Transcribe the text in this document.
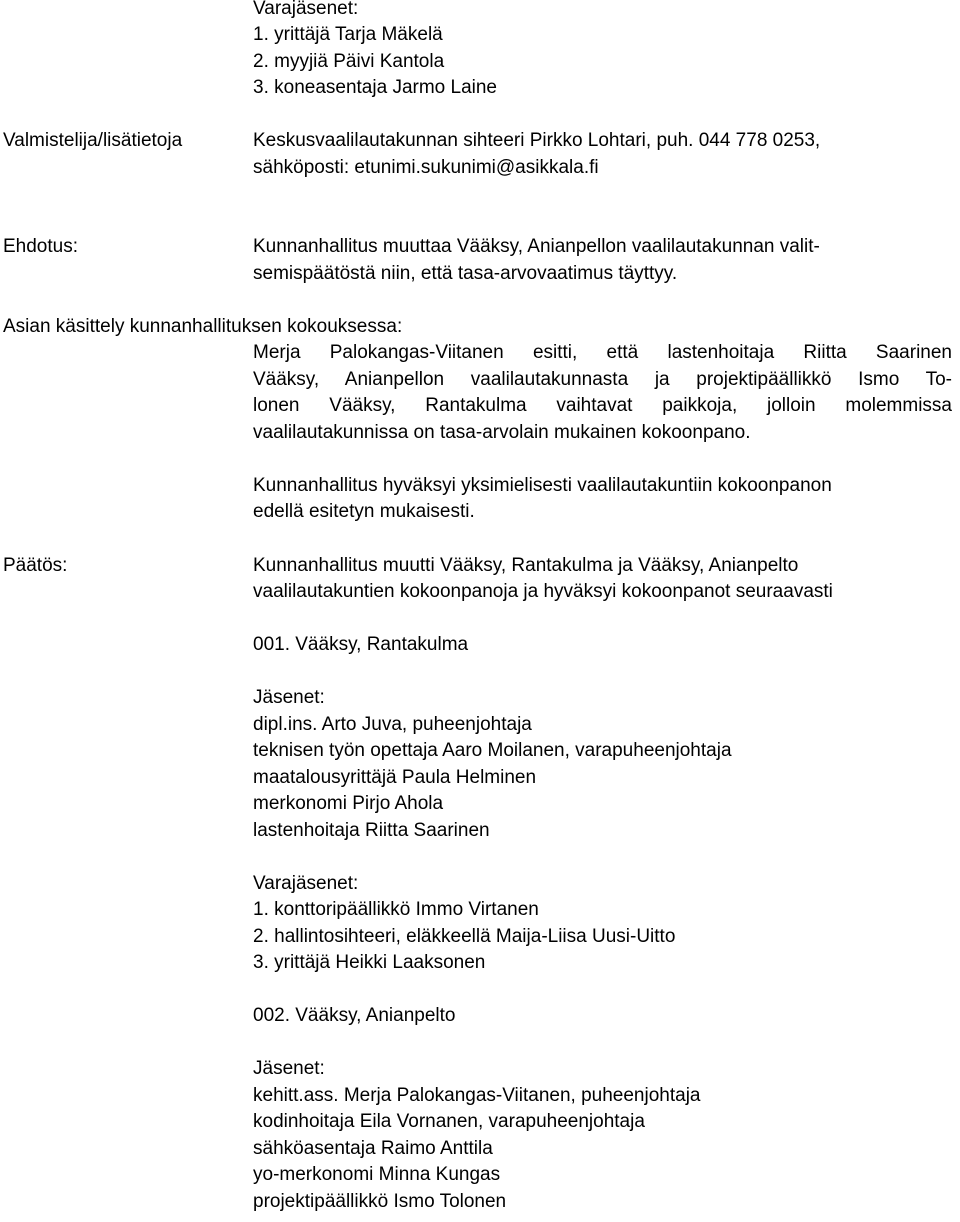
Varajäsenet:

1. yrittäjä Tarja Mäkelä

2. myyjiä Päivi Kantola

3. koneasentaja Jarmo Laine

Valmistelija/lisätietoja	Keskusvaalilautakunnan sihteeri Pirkko Lohtari, puh. 044 778 0253,

sähköposti: etunimi.sukunimi@asikkala.fi

Ehdotus:	Kunnanhallitus muuttaa Vääksy, Anianpellon vaalilautakunnan valit-

semispäätöstä niin, että tasa-arvovaatimus täyttyy.

Asian käsittely kunnanhallituksen kokouksessa:

Merja Palokangas-Viitanen esitti, että lastenhoitaja Riitta Saarinen

Vääksy, Anianpellon vaalilautakunnasta ja projektipäällikkö Ismo To-

lonen Vääksy, Rantakulma vaihtavat paikkoja, jolloin molemmissa

vaalilautakunnissa on tasa-arvolain mukainen kokoonpano.

Kunnanhallitus hyväksyi yksimielisesti vaalilautakuntiin kokoonpanon

edellä esitetyn mukaisesti.

Päätös:	Kunnanhallitus muutti Vääksy, Rantakulma ja Vääksy, Anianpelto

vaalilautakuntien kokoonpanoja ja hyväksyi kokoonpanot seuraavasti

001. Vääksy, Rantakulma

Jäsenet:

dipl.ins. Arto Juva, puheenjohtaja

teknisen työn opettaja Aaro Moilanen, varapuheenjohtaja

maatalousyrittäjä Paula Helminen

merkonomi Pirjo Ahola

lastenhoitaja Riitta Saarinen

Varajäsenet:

1. konttoripäällikkö Immo Virtanen

2. hallintosihteeri, eläkkeellä Maija-Liisa Uusi-Uitto

3. yrittäjä Heikki Laaksonen

002. Vääksy, Anianpelto

Jäsenet:

kehitt.ass. Merja Palokangas-Viitanen, puheenjohtaja

kodinhoitaja Eila Vornanen, varapuheenjohtaja

sähköasentaja Raimo Anttila

yo-merkonomi Minna Kungas

projektipäällikkö Ismo Tolonen
